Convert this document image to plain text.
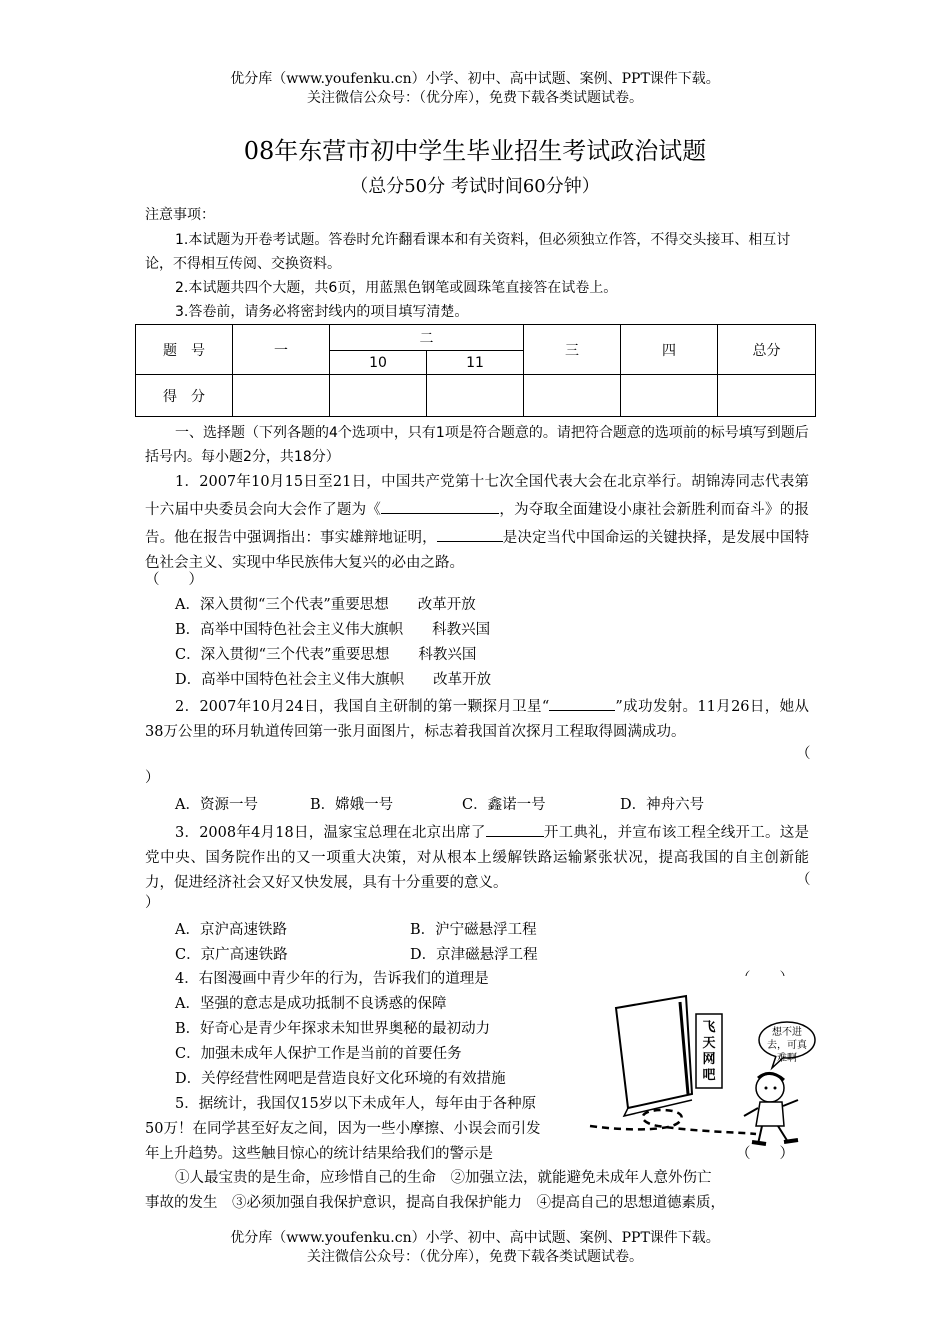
优分库（www.youfenku.cn）小学、初中、高中试题、案例、PPT课件下载。
关注微信公众号：（优分库），免费下载各类试题试卷。
08年东营市初中学生毕业招生考试政治试题
（总分50分 考试时间60分钟）
注意事项：
1.本试题为开卷考试题。答卷时允许翻看课本和有关资料，但必须独立作答，不得交头接耳、相互讨论，不得相互传阅、交换资料。
2.本试题共四个大题，共6页，用蓝黑色钢笔或圆珠笔直接答在试卷上。
3.答卷前，请务必将密封线内的项目填写清楚。
题　号	一	二		三	四	总分
		10	11			
得　分						
一、选择题（下列各题的4个选项中，只有1项是符合题意的。请把符合题意的选项前的标号填写到题后括号内。每小题2分，共18分）
1．2007年10月15日至21日，中国共产党第十七次全国代表大会在北京举行。胡锦涛同志代表第十六届中央委员会向大会作了题为《	，为夺取全面建设小康社会新胜利而奋斗》的报告。他在报告中强调指出：事实雄辩地证明，	是决定当代中国命运的关键抉择，是发展中国特色社会主义、实现中华民族伟大复兴的必由之路。
（　　）
A．深入贯彻“三个代表”重要思想　　改革开放
B．高举中国特色社会主义伟大旗帜　　科教兴国
C．深入贯彻“三个代表”重要思想　　科教兴国
D．高举中国特色社会主义伟大旗帜　　改革开放
2．2007年10月24日，我国自主研制的第一颗探月卫星“	”成功发射。11月26日，她从38万公里的环月轨道传回第一张月面图片，标志着我国首次探月工程取得圆满成功。
（
）
A．资源一号	B．嫦娥一号	C．鑫诺一号	D．神舟六号
3．2008年4月18日，温家宝总理在北京出席了	开工典礼，并宣布该工程全线开工。这是党中央、国务院作出的又一项重大决策，对从根本上缓解铁路运输紧张状况，提高我国的自主创新能力，促进经济社会又好又快发展，具有十分重要的意义。	（
）
A．京沪高速铁路	B．沪宁磁悬浮工程
C．京广高速铁路	D．京津磁悬浮工程
4．右图漫画中青少年的行为，告诉我们的道理是
A．坚强的意志是成功抵制不良诱惑的保障
B．好奇心是青少年探求未知世界奥秘的最初动力
C．加强未成年人保护工作是当前的首要任务
D．关停经营性网吧是营造良好文化环境的有效措施
5．据统计，我国仅15岁以下未成年人，每年由于各种原
50万！在同学甚至好友之间，因为一些小摩擦、小误会而引发
年上升趋势。这些触目惊心的统计结果给我们的警示是
飞天网吧
想不进去，可真难啊
（　　）
①人最宝贵的是生命，应珍惜自己的生命　②加强立法，就能避免未成年人意外伤亡
事故的发生　③必须加强自我保护意识，提高自我保护能力　④提高自己的思想道德素质，
优分库（www.youfenku.cn）小学、初中、高中试题、案例、PPT课件下载。
关注微信公众号：（优分库），免费下载各类试题试卷。
